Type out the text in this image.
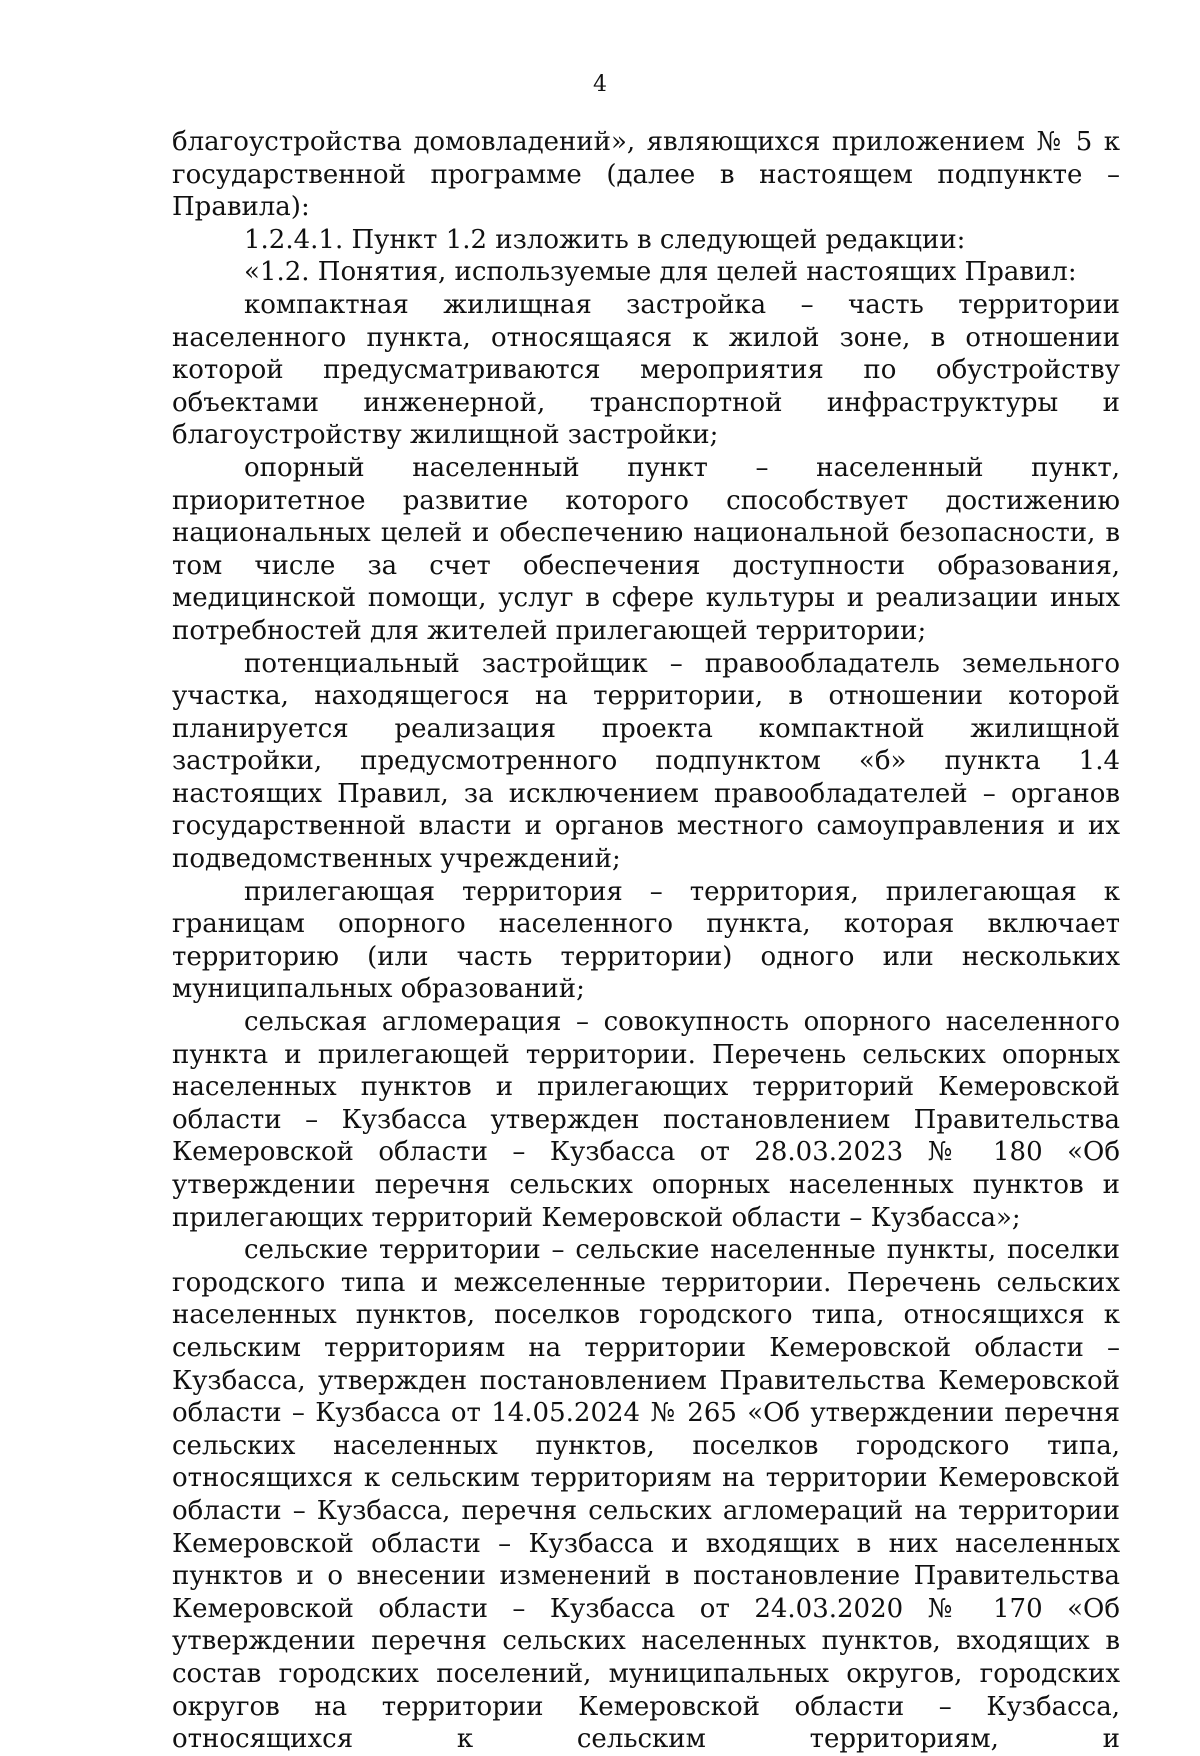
4

благоустройства домовладений», являющихся приложением № 5 к государственной программе (далее в настоящем подпункте – Правила):

1.2.4.1. Пункт 1.2 изложить в следующей редакции:

«1.2. Понятия, используемые для целей настоящих Правил:

компактная жилищная застройка – часть территории населенного пункта, относящаяся к жилой зоне, в отношении которой предусматриваются мероприятия по обустройству объектами инженерной, транспортной инфраструктуры и благоустройству жилищной застройки;

опорный населенный пункт – населенный пункт, приоритетное развитие которого способствует достижению национальных целей и обеспечению национальной безопасности, в том числе за счет обеспечения доступности образования, медицинской помощи, услуг в сфере культуры и реализации иных потребностей для жителей прилегающей территории;

потенциальный застройщик – правообладатель земельного участка, находящегося на территории, в отношении которой планируется реализация проекта компактной жилищной застройки, предусмотренного подпунктом «б» пункта 1.4 настоящих Правил, за исключением правообладателей – органов государственной власти и органов местного самоуправления и их подведомственных учреждений;

прилегающая территория – территория, прилегающая к границам опорного населенного пункта, которая включает территорию (или часть территории) одного или нескольких муниципальных образований;

сельская агломерация – совокупность опорного населенного пункта и прилегающей территории. Перечень сельских опорных населенных пунктов и прилегающих территорий Кемеровской области – Кузбасса утвержден постановлением Правительства Кемеровской области – Кузбасса от 28.03.2023 № 180 «Об утверждении перечня сельских опорных населенных пунктов и прилегающих территорий Кемеровской области – Кузбасса»;

сельские территории – сельские населенные пункты, поселки городского типа и межселенные территории. Перечень сельских населенных пунктов, поселков городского типа, относящихся к сельским территориям на территории Кемеровской области – Кузбасса, утвержден постановлением Правительства Кемеровской области – Кузбасса от 14.05.2024 № 265 «Об утверждении перечня сельских населенных пунктов, поселков городского типа, относящихся к сельским территориям на территории Кемеровской области – Кузбасса, перечня сельских агломераций на территории Кемеровской области – Кузбасса и входящих в них населенных пунктов и о внесении изменений в постановление Правительства Кемеровской области – Кузбасса от 24.03.2020 № 170 «Об утверждении перечня сельских населенных пунктов, входящих в состав городских поселений, муниципальных округов, городских округов на территории Кемеровской области – Кузбасса, относящихся к сельским территориям, и
